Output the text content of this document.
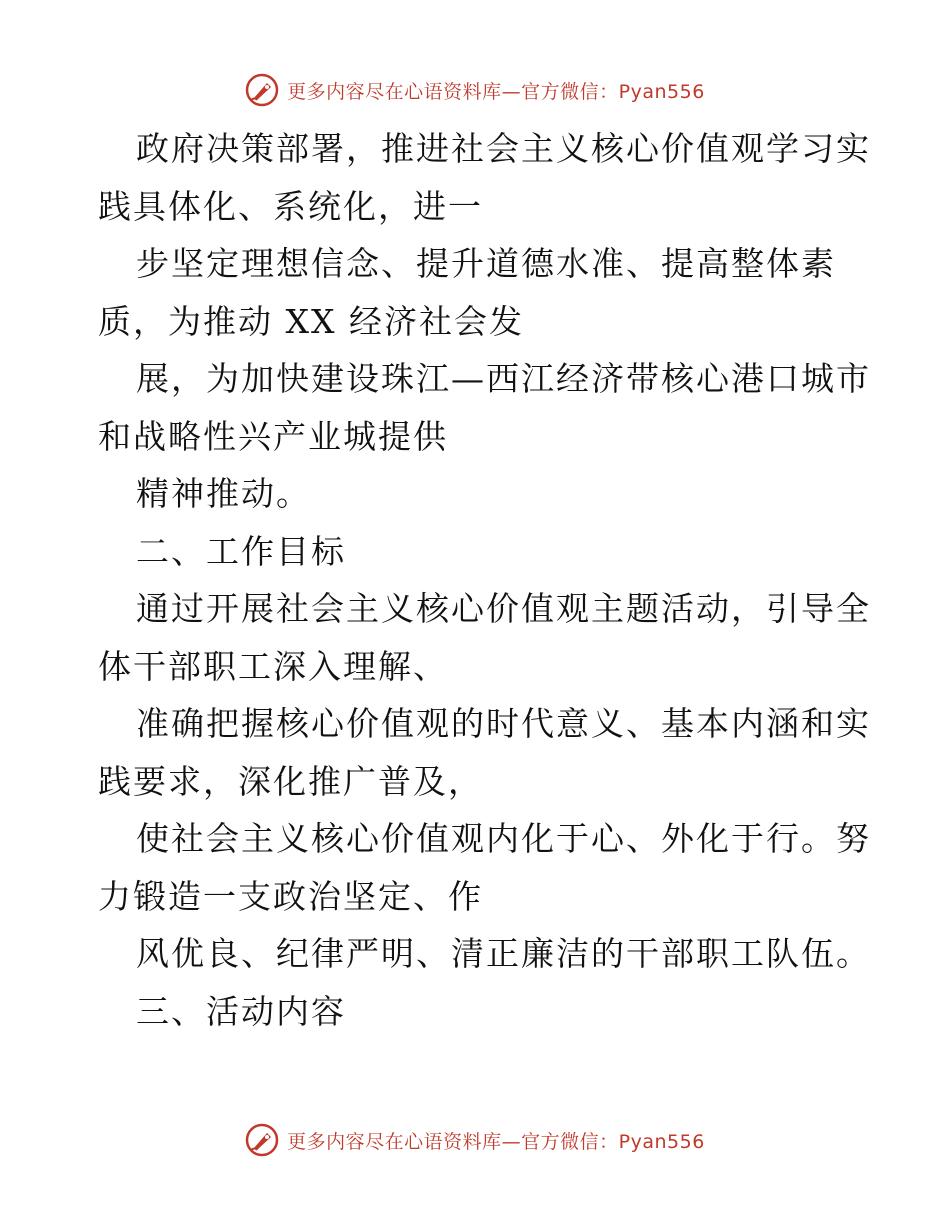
更多内容尽在心语资料库—官方微信：Pyan556
政府决策部署，推进社会主义核心价值观学习实
践具体化、系统化，进一
步坚定理想信念、提升道德水准、提高整体素
质，为推动 XX 经济社会发
展，为加快建设珠江—西江经济带核心港口城市
和战略性兴产业城提供
精神推动。
二、工作目标
通过开展社会主义核心价值观主题活动，引导全
体干部职工深入理解、
准确把握核心价值观的时代意义、基本内涵和实
践要求，深化推广普及，
使社会主义核心价值观内化于心、外化于行。努
力锻造一支政治坚定、作
风优良、纪律严明、清正廉洁的干部职工队伍。
三、活动内容
更多内容尽在心语资料库—官方微信：Pyan556
